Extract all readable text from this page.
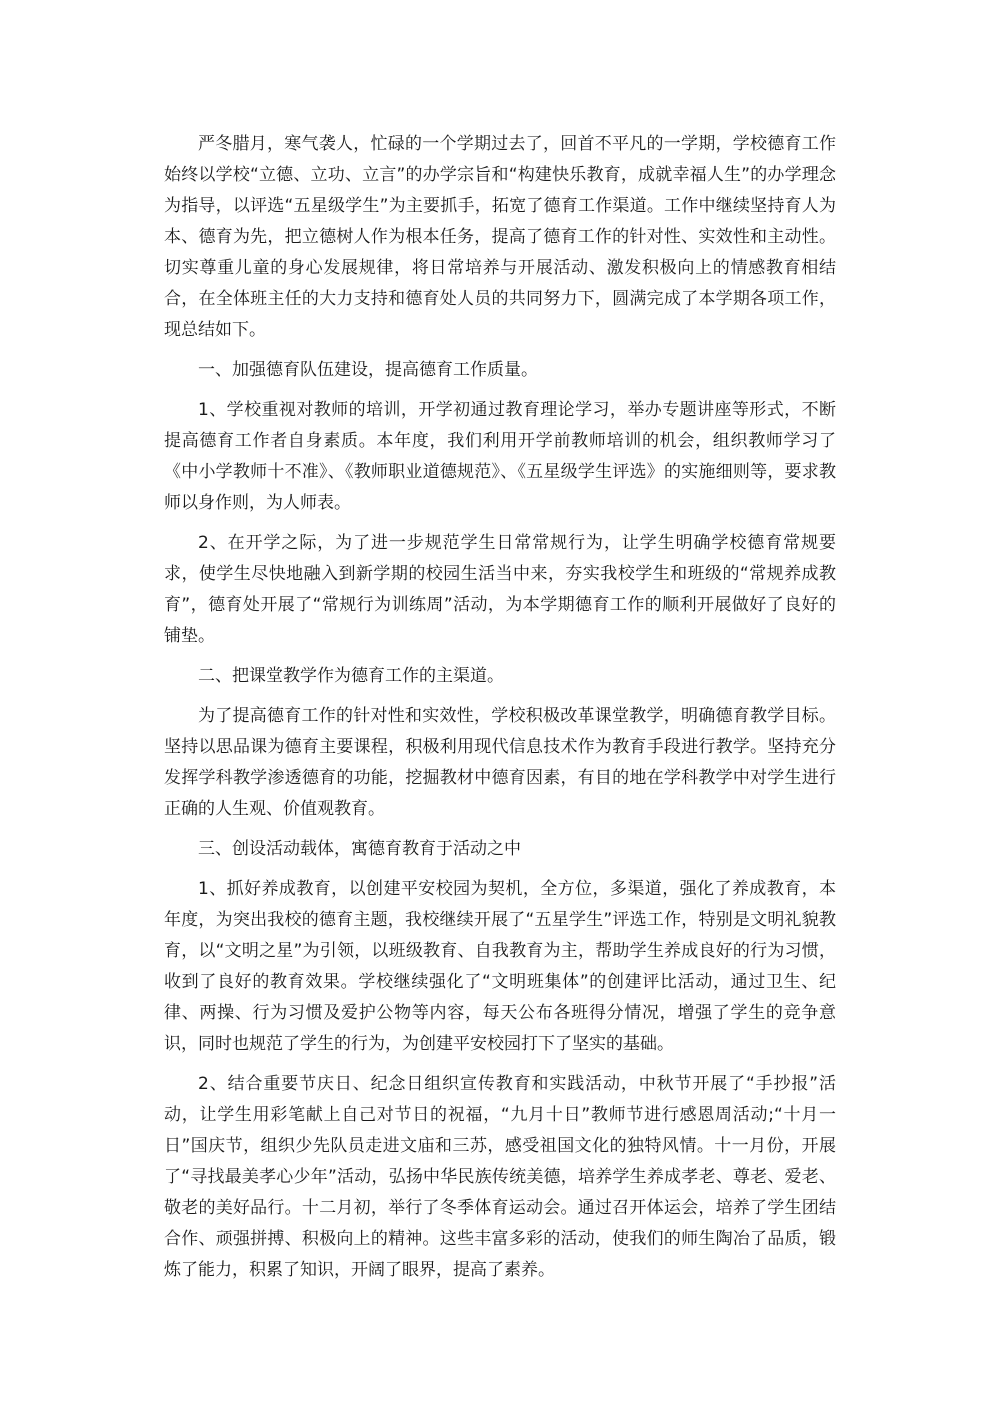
严冬腊月，寒气袭人，忙碌的一个学期过去了，回首不平凡的一学期，学校德育工作始终以学校“立德、立功、立言”的办学宗旨和“构建快乐教育，成就幸福人生”的办学理念为指导，以评选“五星级学生”为主要抓手，拓宽了德育工作渠道。工作中继续坚持育人为本、德育为先，把立德树人作为根本任务，提高了德育工作的针对性、实效性和主动性。切实尊重儿童的身心发展规律，将日常培养与开展活动、激发积极向上的情感教育相结合，在全体班主任的大力支持和德育处人员的共同努力下，圆满完成了本学期各项工作，现总结如下。

一、加强德育队伍建设，提高德育工作质量。

1、学校重视对教师的培训，开学初通过教育理论学习，举办专题讲座等形式，不断提高德育工作者自身素质。本年度，我们利用开学前教师培训的机会，组织教师学习了《中小学教师十不准》、《教师职业道德规范》、《五星级学生评选》的实施细则等，要求教师以身作则，为人师表。

2、在开学之际，为了进一步规范学生日常常规行为，让学生明确学校德育常规要求，使学生尽快地融入到新学期的校园生活当中来，夯实我校学生和班级的“常规养成教育”，德育处开展了“常规行为训练周”活动，为本学期德育工作的顺利开展做好了良好的铺垫。

二、把课堂教学作为德育工作的主渠道。

为了提高德育工作的针对性和实效性，学校积极改革课堂教学，明确德育教学目标。坚持以思品课为德育主要课程，积极利用现代信息技术作为教育手段进行教学。坚持充分发挥学科教学渗透德育的功能，挖掘教材中德育因素，有目的地在学科教学中对学生进行正确的人生观、价值观教育。

三、创设活动载体，寓德育教育于活动之中

1、抓好养成教育，以创建平安校园为契机，全方位，多渠道，强化了养成教育，本年度，为突出我校的德育主题，我校继续开展了“五星学生”评选工作，特别是文明礼貌教育，以“文明之星”为引领，以班级教育、自我教育为主，帮助学生养成良好的行为习惯，收到了良好的教育效果。学校继续强化了“文明班集体”的创建评比活动，通过卫生、纪律、两操、行为习惯及爱护公物等内容，每天公布各班得分情况，增强了学生的竞争意识，同时也规范了学生的行为，为创建平安校园打下了坚实的基础。

2、结合重要节庆日、纪念日组织宣传教育和实践活动，中秋节开展了“手抄报”活动，让学生用彩笔献上自己对节日的祝福，“九月十日”教师节进行感恩周活动;“十月一日”国庆节，组织少先队员走进文庙和三苏，感受祖国文化的独特风情。十一月份，开展了“寻找最美孝心少年”活动，弘扬中华民族传统美德，培养学生养成孝老、尊老、爱老、敬老的美好品行。十二月初，举行了冬季体育运动会。通过召开体运会，培养了学生团结合作、顽强拼搏、积极向上的精神。这些丰富多彩的活动，使我们的师生陶冶了品质，锻炼了能力，积累了知识，开阔了眼界，提高了素养。
